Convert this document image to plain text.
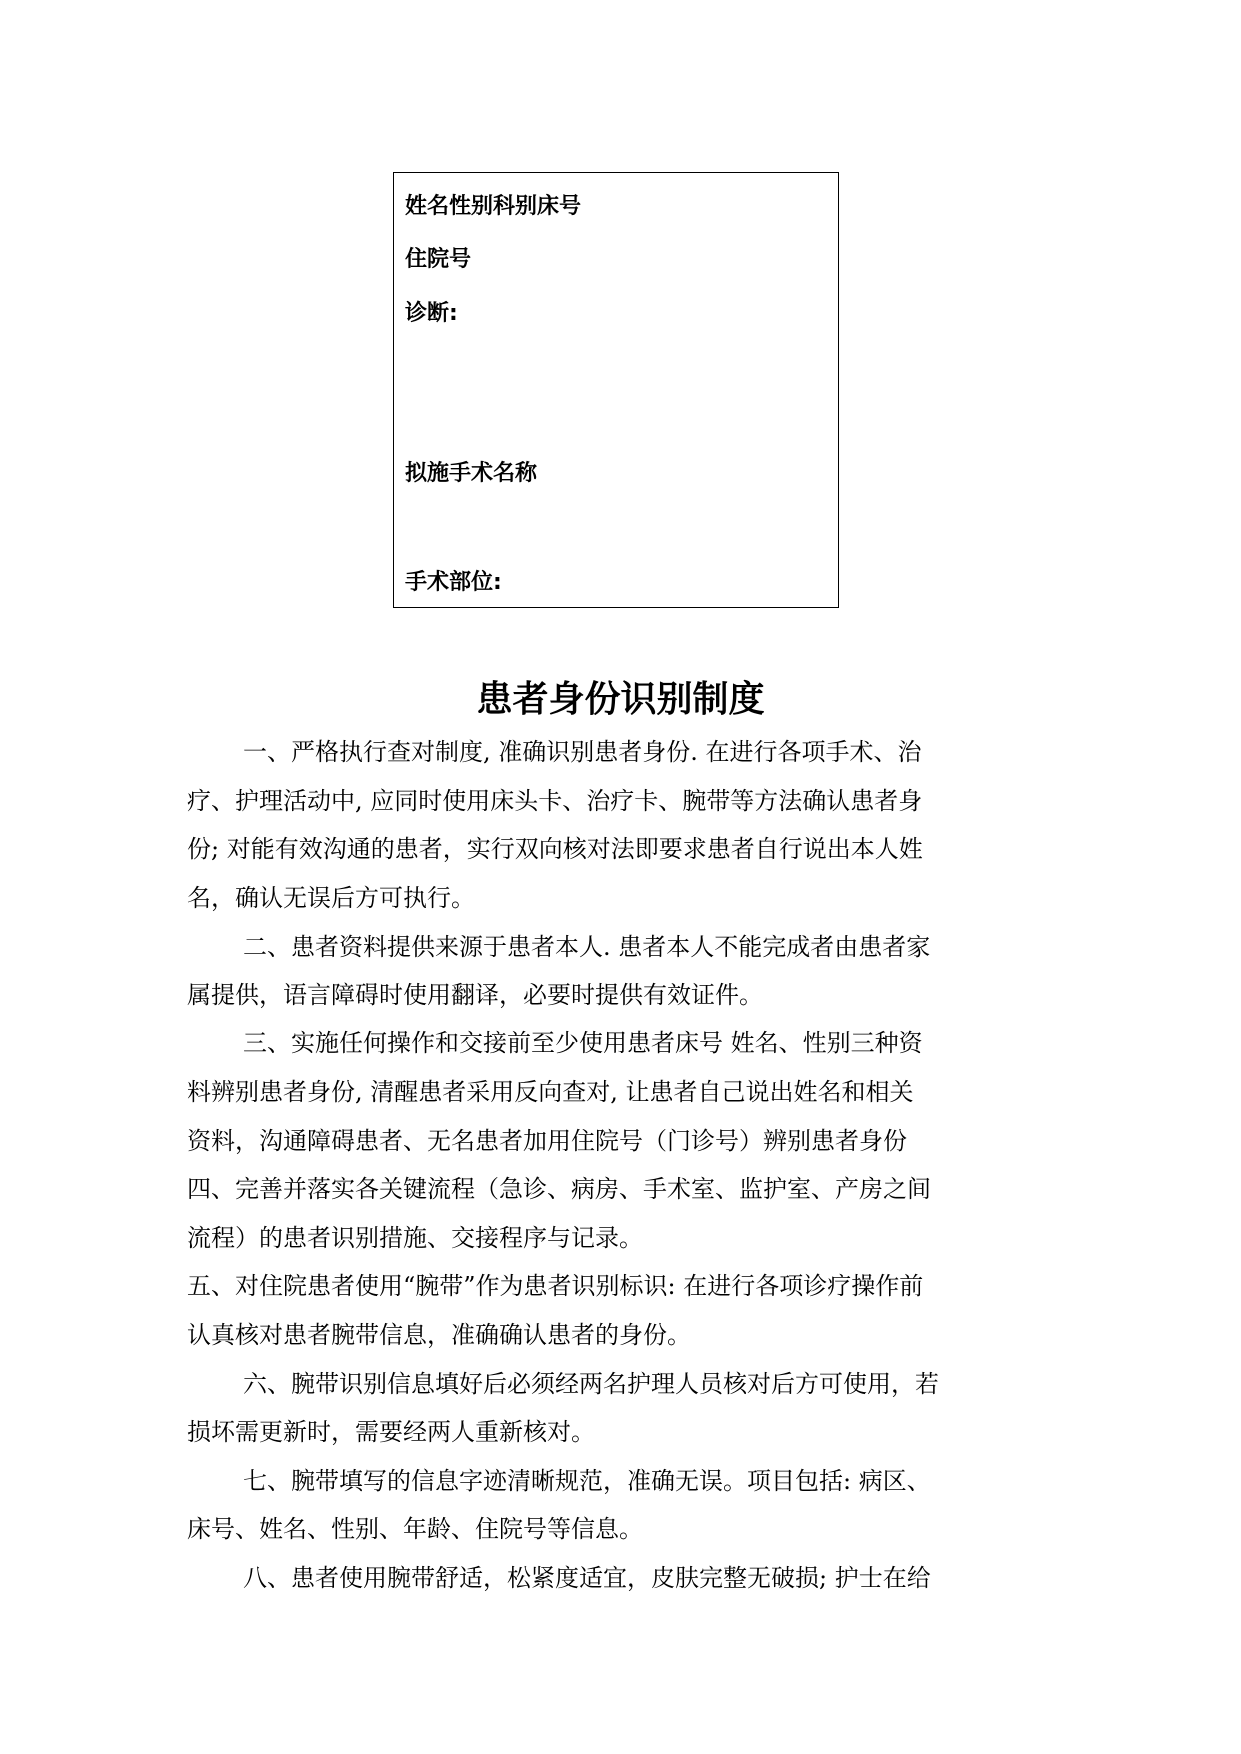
姓名性别科别床号
住院号
诊断:
拟施手术名称
手术部位:
患者身份识别制度
一、严格执行查对制度, 准确识别患者身份. 在进行各项手术、治
疗、护理活动中, 应同时使用床头卡、治疗卡、腕带等方法确认患者身
份; 对能有效沟通的患者，实行双向核对法即要求患者自行说出本人姓
名，确认无误后方可执行。
二、患者资料提供来源于患者本人. 患者本人不能完成者由患者家
属提供，语言障碍时使用翻译，必要时提供有效证件。
三、实施任何操作和交接前至少使用患者床号 姓名、性别三种资
料辨别患者身份, 清醒患者采用反向查对, 让患者自己说出姓名和相关
资料，沟通障碍患者、无名患者加用住院号（门诊号）辨别患者身份
四、完善并落实各关键流程（急诊、病房、手术室、监护室、产房之间
流程）的患者识别措施、交接程序与记录。
五、对住院患者使用“腕带”作为患者识别标识: 在进行各项诊疗操作前
认真核对患者腕带信息，准确确认患者的身份。
六、腕带识别信息填好后必须经两名护理人员核对后方可使用，若
损坏需更新时，需要经两人重新核对。
七、腕带填写的信息字迹清晰规范，准确无误。项目包括: 病区、
床号、姓名、性别、年龄、住院号等信息。
八、患者使用腕带舒适，松紧度适宜，皮肤完整无破损; 护士在给
